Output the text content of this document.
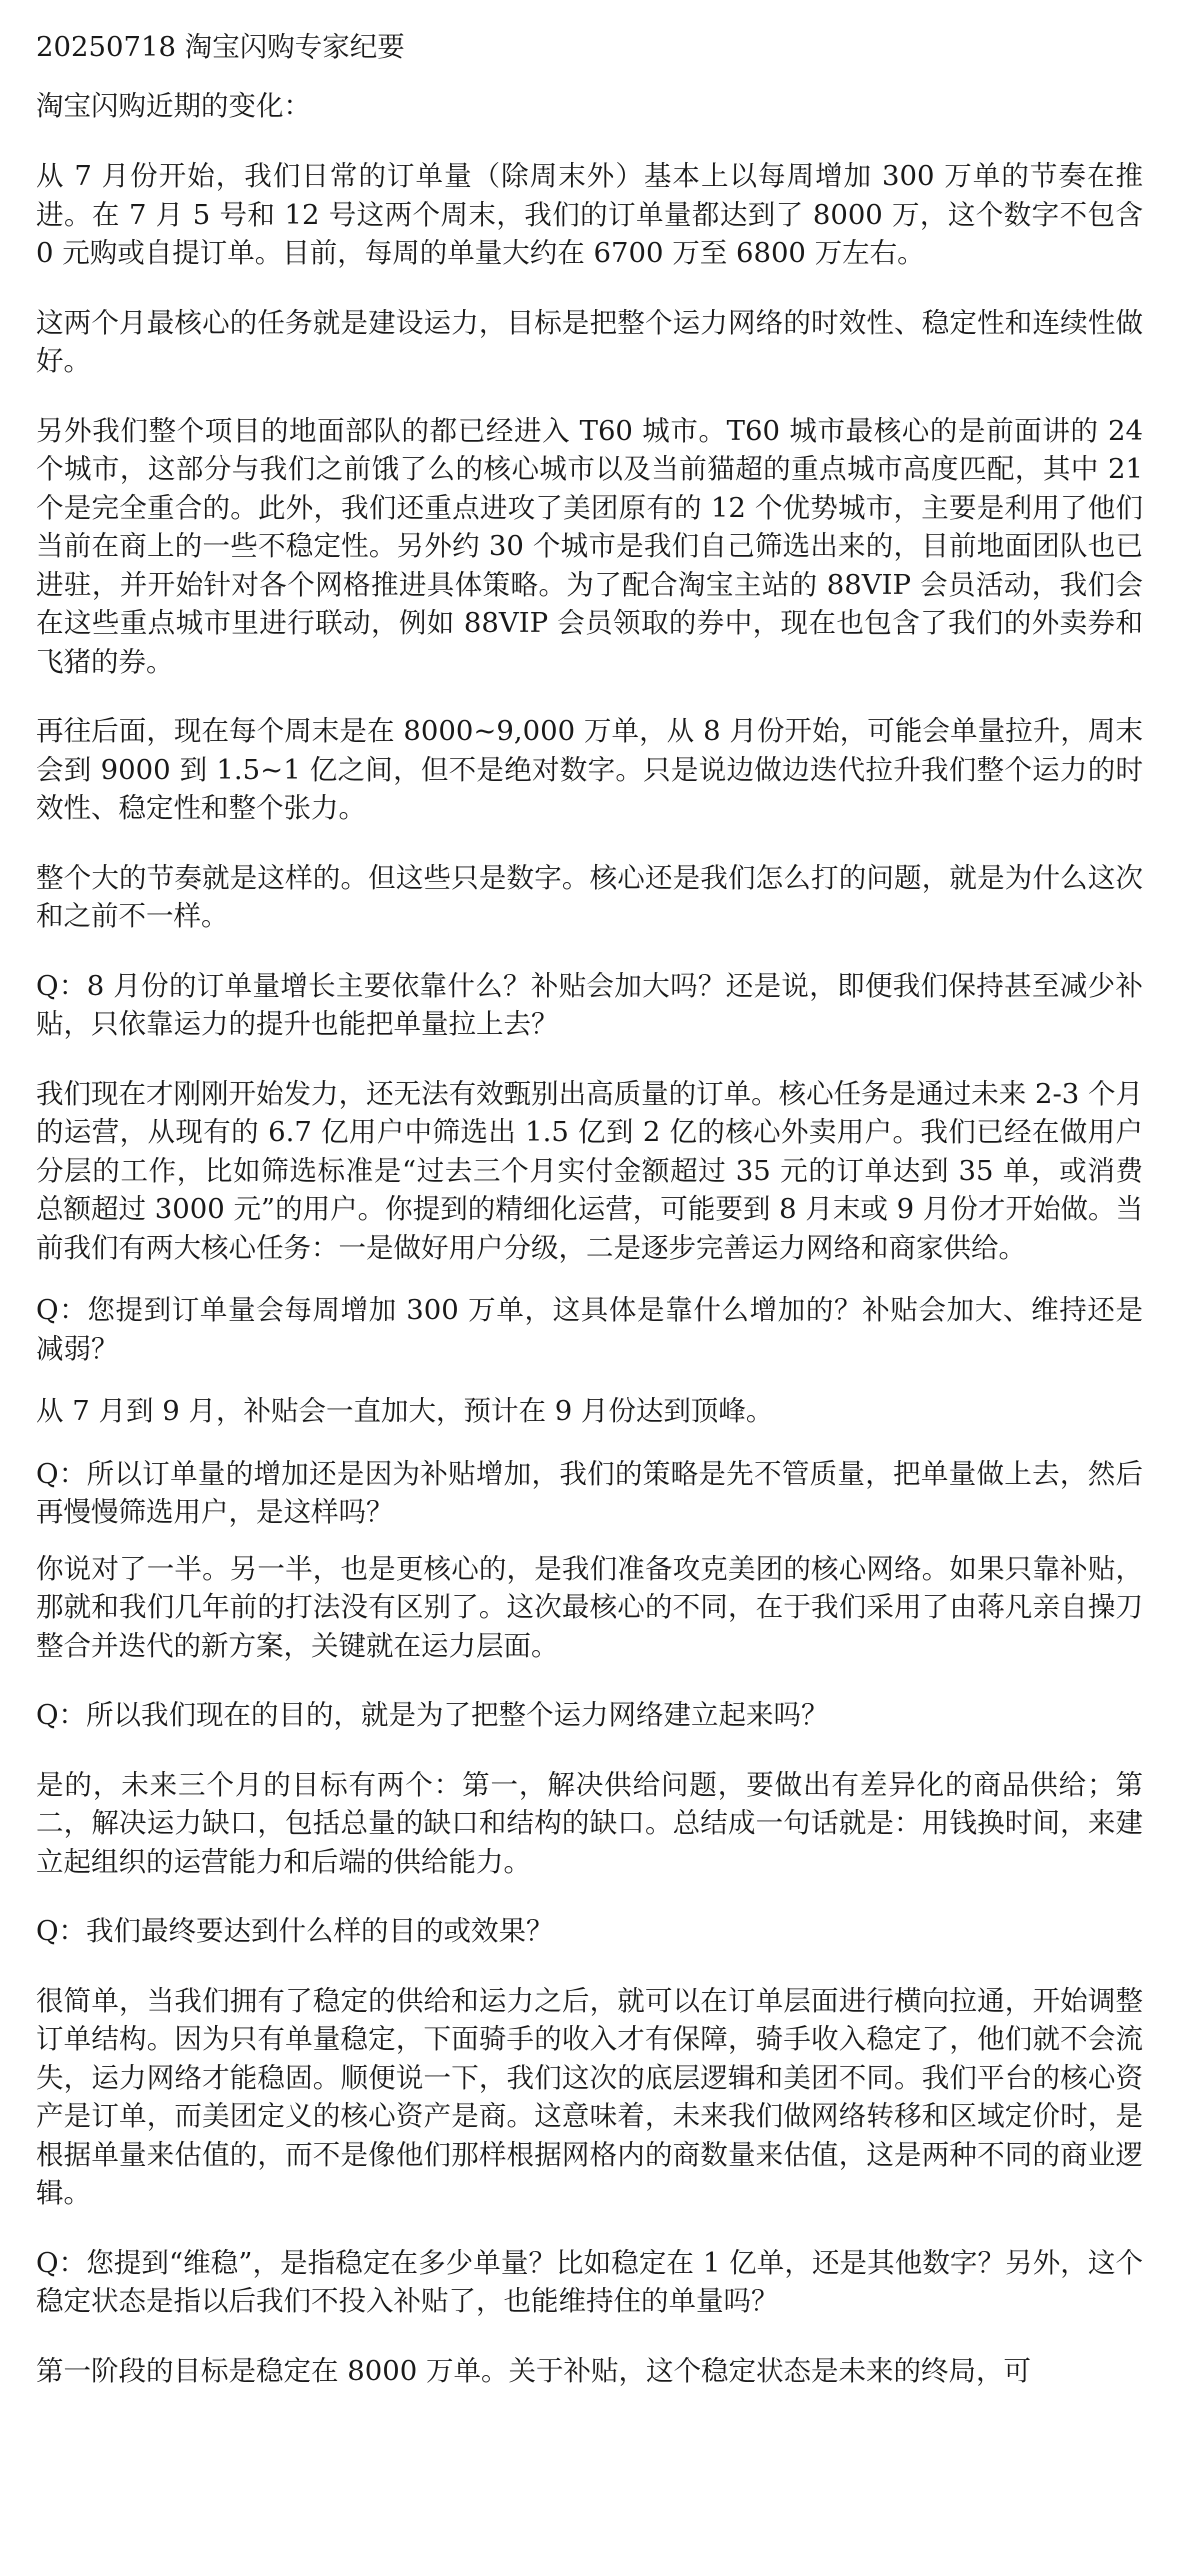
20250718 淘宝闪购专家纪要

淘宝闪购近期的变化：

从 7 月份开始，我们日常的订单量（除周末外）基本上以每周增加 300 万单的节奏在推进。在 7 月 5 号和 12 号这两个周末，我们的订单量都达到了 8000 万，这个数字不包含 0 元购或自提订单。目前，每周的单量大约在 6700 万至 6800 万左右。

这两个月最核心的任务就是建设运力，目标是把整个运力网络的时效性、稳定性和连续性做好。

另外我们整个项目的地面部队的都已经进入 T60 城市。T60 城市最核心的是前面讲的 24 个城市，这部分与我们之前饿了么的核心城市以及当前猫超的重点城市高度匹配，其中 21 个是完全重合的。此外，我们还重点进攻了美团原有的 12 个优势城市，主要是利用了他们当前在商上的一些不稳定性。另外约 30 个城市是我们自己筛选出来的，目前地面团队也已进驻，并开始针对各个网格推进具体策略。为了配合淘宝主站的 88VIP 会员活动，我们会在这些重点城市里进行联动，例如 88VIP 会员领取的券中，现在也包含了我们的外卖券和飞猪的券。

再往后面，现在每个周末是在 8000~9,000 万单，从 8 月份开始，可能会单量拉升，周末会到 9000 到 1.5~1 亿之间，但不是绝对数字。只是说边做边迭代拉升我们整个运力的时效性、稳定性和整个张力。

整个大的节奏就是这样的。但这些只是数字。核心还是我们怎么打的问题，就是为什么这次和之前不一样。

Q：8 月份的订单量增长主要依靠什么？补贴会加大吗？还是说，即便我们保持甚至减少补贴，只依靠运力的提升也能把单量拉上去？

我们现在才刚刚开始发力，还无法有效甄别出高质量的订单。核心任务是通过未来 2-3 个月的运营，从现有的 6.7 亿用户中筛选出 1.5 亿到 2 亿的核心外卖用户。我们已经在做用户分层的工作，比如筛选标准是“过去三个月实付金额超过 35 元的订单达到 35 单，或消费总额超过 3000 元”的用户。你提到的精细化运营，可能要到 8 月末或 9 月份才开始做。当前我们有两大核心任务：一是做好用户分级，二是逐步完善运力网络和商家供给。

Q：您提到订单量会每周增加 300 万单，这具体是靠什么增加的？补贴会加大、维持还是减弱？

从 7 月到 9 月，补贴会一直加大，预计在 9 月份达到顶峰。

Q：所以订单量的增加还是因为补贴增加，我们的策略是先不管质量，把单量做上去，然后再慢慢筛选用户，是这样吗？

你说对了一半。另一半，也是更核心的，是我们准备攻克美团的核心网络。如果只靠补贴，那就和我们几年前的打法没有区别了。这次最核心的不同，在于我们采用了由蒋凡亲自操刀整合并迭代的新方案，关键就在运力层面。

Q：所以我们现在的目的，就是为了把整个运力网络建立起来吗？

是的，未来三个月的目标有两个：第一，解决供给问题，要做出有差异化的商品供给；第二，解决运力缺口，包括总量的缺口和结构的缺口。总结成一句话就是：用钱换时间，来建立起组织的运营能力和后端的供给能力。

Q：我们最终要达到什么样的目的或效果？

很简单，当我们拥有了稳定的供给和运力之后，就可以在订单层面进行横向拉通，开始调整订单结构。因为只有单量稳定，下面骑手的收入才有保障，骑手收入稳定了，他们就不会流失，运力网络才能稳固。顺便说一下，我们这次的底层逻辑和美团不同。我们平台的核心资产是订单，而美团定义的核心资产是商。这意味着，未来我们做网络转移和区域定价时，是根据单量来估值的，而不是像他们那样根据网格内的商数量来估值，这是两种不同的商业逻辑。

Q：您提到“维稳”，是指稳定在多少单量？比如稳定在 1 亿单，还是其他数字？另外，这个稳定状态是指以后我们不投入补贴了，也能维持住的单量吗？

第一阶段的目标是稳定在 8000 万单。关于补贴，这个稳定状态是未来的终局，可
